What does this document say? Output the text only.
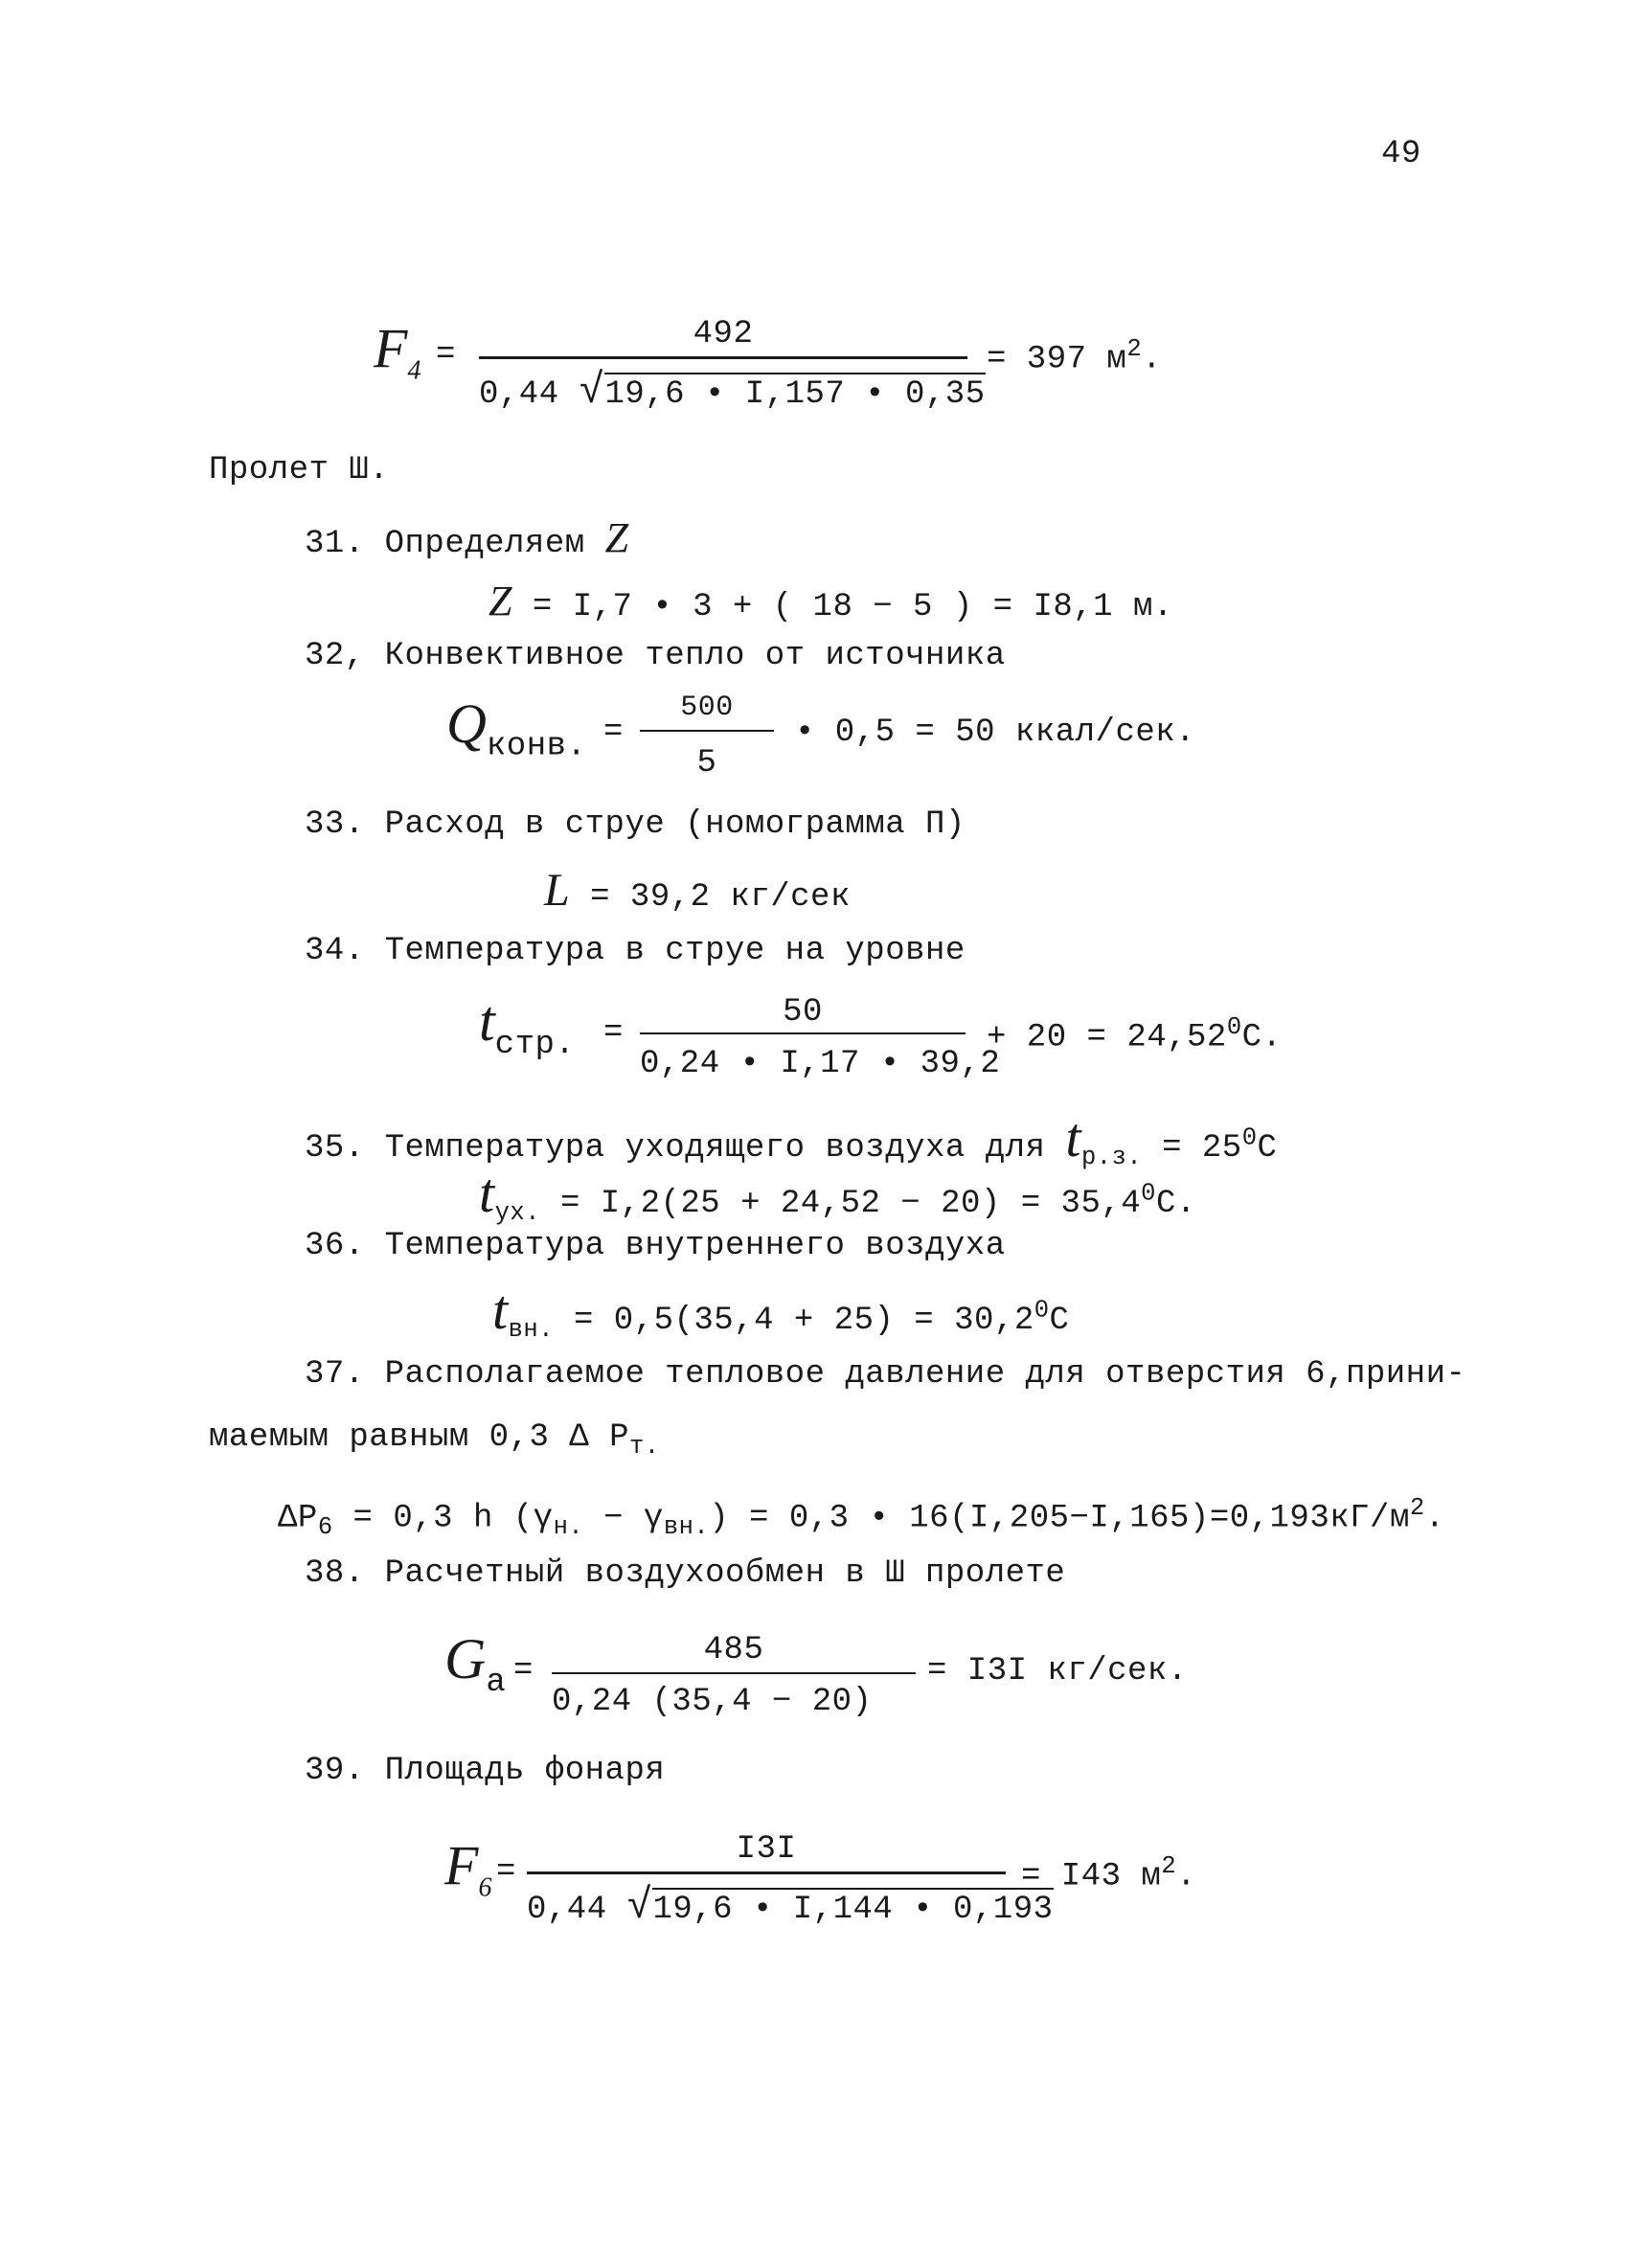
49
$F_4$ =
492
0,44 √19,6 • I,157 • 0,35
= 397 $м^2$.
Пролет Ш.
31. Определяем Z
Z = I,7 • 3 + ( 18 − 5 ) = I8,1 м.
32, Конвективное тепло от источника
$Q_{конв.}$ =
500
5
• 0,5 = 50 ккал/сек.
33. Расход в струе (номограмма П)
L = 39,2 кг/сек
34. Температура в струе на уровне
$t_{стр.}$ =
50
0,24 • I,17 • 39,2
+ $20 = 24,52^0С$.
35. Температура уходящего воздуха для $t_{р.з.} = 25^0С$
$t_{ух.} = I,2(25 + 24,52 - 20) = 35,4^0С$.
36. Температура внутреннего воздуха
$t_{вн.} = 0,5(35,4 + 25) = 30,2^0С$
37. Располагаемое тепловое давление для отверстия 6,прини-
маемым равным 0,3 Δ $P_{т.}$
$\Delta P_6 = 0,3$ h $(\gamma_{н.} - \gamma_{вн.}) = 0,3$ • $16(I,205-I,165)=0,193кГ/м^2$.
38. Расчетный воздухообмен в Ш пролете
$G_а$ =
485
0,24 (35,4 − 20)
= I3I кг/сек.
39. Площадь фонаря
$F_6$ =
I3I
0,44 √19,6 • I,144 • 0,193
= I43 $м^2$.
